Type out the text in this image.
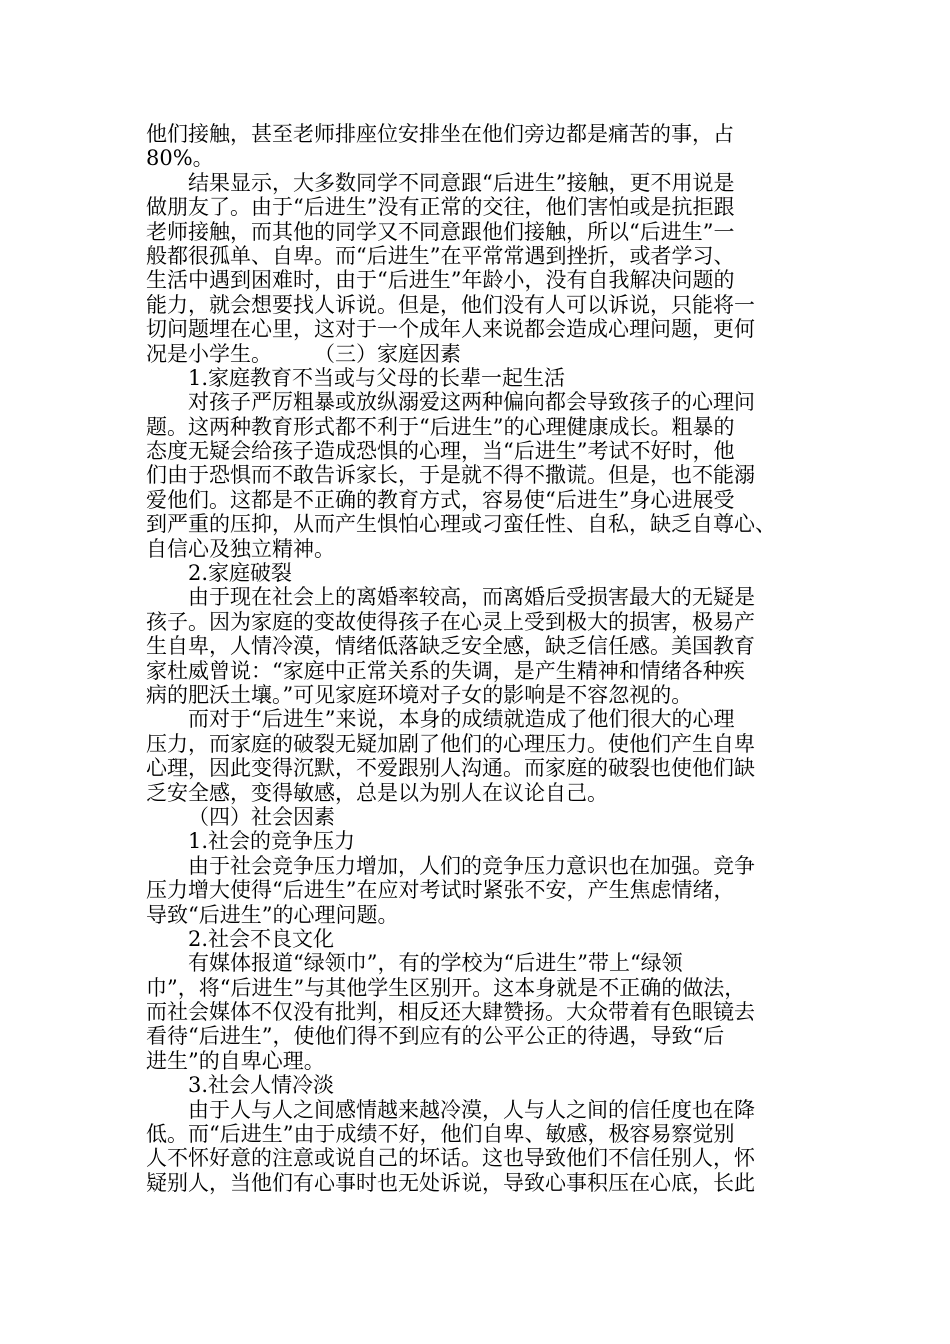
他们接触，甚至老师排座位安排坐在他们旁边都是痛苦的事，占
80%。
结果显示，大多数同学不同意跟“后进生”接触，更不用说是
做朋友了。由于“后进生”没有正常的交往，他们害怕或是抗拒跟
老师接触，而其他的同学又不同意跟他们接触，所以“后进生”一
般都很孤单、自卑。而“后进生”在平常常遇到挫折，或者学习、
生活中遇到困难时，由于“后进生”年龄小，没有自我解决问题的
能力，就会想要找人诉说。但是，他们没有人可以诉说，只能将一
切问题埋在心里，这对于一个成年人来说都会造成心理问题，更何
况是小学生。　　　（三）家庭因素
1.家庭教育不当或与父母的长辈一起生活
对孩子严厉粗暴或放纵溺爱这两种偏向都会导致孩子的心理问
题。这两种教育形式都不利于“后进生”的心理健康成长。粗暴的
态度无疑会给孩子造成恐惧的心理，当“后进生”考试不好时，他
们由于恐惧而不敢告诉家长，于是就不得不撒谎。但是，也不能溺
爱他们。这都是不正确的教育方式，容易使“后进生”身心进展受
到严重的压抑，从而产生惧怕心理或刁蛮任性、自私，缺乏自尊心、
自信心及独立精神。
2.家庭破裂
由于现在社会上的离婚率较高，而离婚后受损害最大的无疑是
孩子。因为家庭的变故使得孩子在心灵上受到极大的损害，极易产
生自卑，人情冷漠，情绪低落缺乏安全感，缺乏信任感。美国教育
家杜威曾说：“家庭中正常关系的失调，是产生精神和情绪各种疾
病的肥沃土壤。”可见家庭环境对子女的影响是不容忽视的。
而对于“后进生”来说，本身的成绩就造成了他们很大的心理
压力，而家庭的破裂无疑加剧了他们的心理压力。使他们产生自卑
心理，因此变得沉默，不爱跟别人沟通。而家庭的破裂也使他们缺
乏安全感，变得敏感，总是以为别人在议论自己。
（四）社会因素
1.社会的竞争压力
由于社会竞争压力增加，人们的竞争压力意识也在加强。竞争
压力增大使得“后进生”在应对考试时紧张不安，产生焦虑情绪，
导致“后进生”的心理问题。
2.社会不良文化
有媒体报道“绿领巾”，有的学校为“后进生”带上“绿领
巾”，将“后进生”与其他学生区别开。这本身就是不正确的做法，
而社会媒体不仅没有批判，相反还大肆赞扬。大众带着有色眼镜去
看待“后进生”，使他们得不到应有的公平公正的待遇，导致“后
进生”的自卑心理。
3.社会人情冷淡
由于人与人之间感情越来越冷漠，人与人之间的信任度也在降
低。而“后进生”由于成绩不好，他们自卑、敏感，极容易察觉别
人不怀好意的注意或说自己的坏话。这也导致他们不信任别人，怀
疑别人，当他们有心事时也无处诉说，导致心事积压在心底，长此
